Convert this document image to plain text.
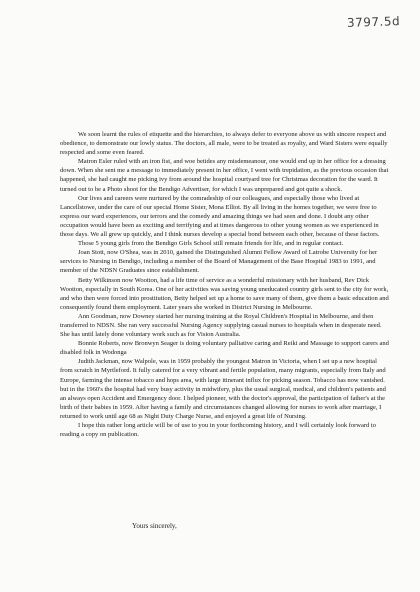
3797.5d

We soon learnt the rules of etiquette and the hierarchies, to always defer to everyone above us with sincere respect and obedience, to demonstrate our lowly status. The doctors, all male, were to be treated as royalty, and Ward Sisters were equally respected and some even feared.

Matron Esler ruled with an iron fist, and woe betides any misdemeanour, one would end up in her office for a dressing down. When she sent me a message to immediately present in her office, I went with trepidation, as the previous occasion that happened, she had caught me picking ivy from around the hospital courtyard tree for Christmas decoration for the ward. It turned out to be a Photo shoot for the Bendigo Advertiser, for which I was unprepared and got quite a shock.

Our lives and careers were nurtured by the comradeship of our colleagues, and especially those who lived at Lancellstowe, under the care of our special Home Sister, Mona Elliot. By all living in the homes together, we were free to express our ward experiences, our terrors and the comedy and amazing things we had seen and done. I doubt any other occupation would have been as exciting and terrifying and at times dangerous to other young women as we experienced in those days. We all grew up quickly, and I think nurses develop a special bond between each other, because of these factors.

Those 5 young girls from the Bendigo Girls School still remain friends for life, and in regular contact.

Joan Stott, now O'Shea, was in 2010, gained the Distinguished Alumni Fellow Award of Latrobe University for her services to Nursing in Bendigo, including a member of the Board of Management of the Base Hospital 1983 to 1991, and member of the NDSN Graduates since establishment.

Betty Wilkinson now Wootton, had a life time of service as a wonderful missionary with her husband, Rev Dick Wootton, especially in South Korea. One of her activities was saving young uneducated country girls sent to the city for work, and who then were forced into prostitution, Betty helped set up a home to save many of them, give them a basic education and consequently found them employment. Later years she worked in District Nursing in Melbourne.

Ann Goodman, now Downey started her nursing training at the Royal Children's Hospital in Melbourne, and then transferred to NDSN. She ran very successful Nursing Agency supplying casual nurses to hospitals when in desperate need. She has until lately done voluntary work such as for Vision Australia.

Bonnie Roberts, now Bronwyn Seager is doing voluntary palliative caring and Reiki and Massage to support carers and disabled folk in Wodonga

Judith Jackman, now Walpole, was in 1959 probably the youngest Matron in Victoria, when I set up a new hospital from scratch in Myrtleford. It fully catered for a very vibrant and fertile population, many migrants, especially from Italy and Europe, farming the intense tobacco and hops area, with large itinerant influx for picking season. Tobacco has now vanished. but in the 1960's the hospital had very busy activity in midwifery, plus the usual surgical, medical, and children's patients and an always open Accident and Emergency door. I helped pioneer, with the doctor's approval, the participation of father's at the birth of their babies in 1959. After having a family and circumstances changed allowing for nurses to work after marriage, I returned to work until age 68 as Night Duty Charge Nurse, and enjoyed a great life of Nursing.

I hope this rather long article will be of use to you in your forthcoming history, and I will certainly look forward to reading a copy on publication.

Yours sincerely,
